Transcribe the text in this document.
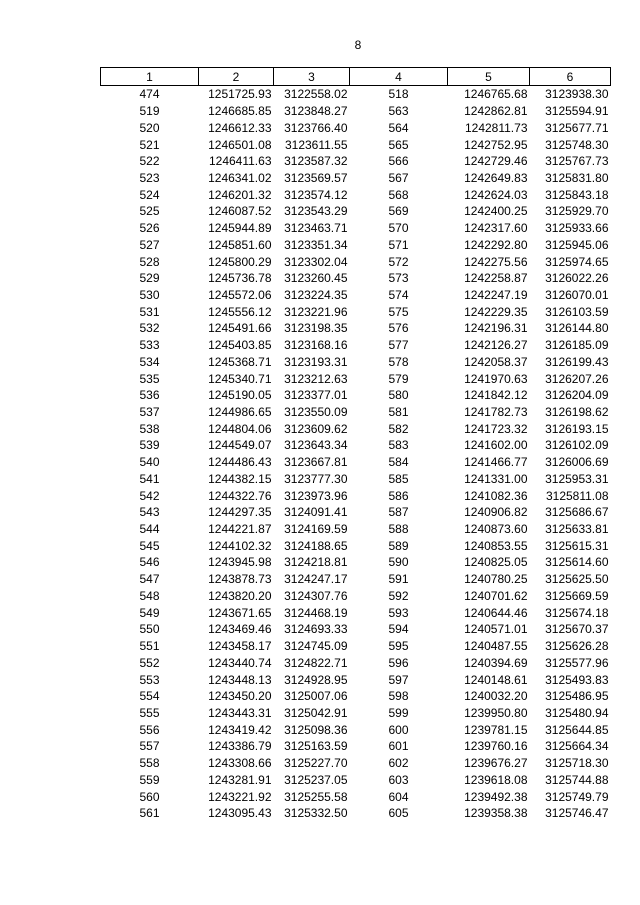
8
1	2	3	4	5	6
474	1251725.93	3122558.02	518	1246765.68	3123938.30
519	1246685.85	3123848.27	563	1242862.81	3125594.91
520	1246612.33	3123766.40	564	1242811.73	3125677.71
521	1246501.08	3123611.55	565	1242752.95	3125748.30
522	1246411.63	3123587.32	566	1242729.46	3125767.73
523	1246341.02	3123569.57	567	1242649.83	3125831.80
524	1246201.32	3123574.12	568	1242624.03	3125843.18
525	1246087.52	3123543.29	569	1242400.25	3125929.70
526	1245944.89	3123463.71	570	1242317.60	3125933.66
527	1245851.60	3123351.34	571	1242292.80	3125945.06
528	1245800.29	3123302.04	572	1242275.56	3125974.65
529	1245736.78	3123260.45	573	1242258.87	3126022.26
530	1245572.06	3123224.35	574	1242247.19	3126070.01
531	1245556.12	3123221.96	575	1242229.35	3126103.59
532	1245491.66	3123198.35	576	1242196.31	3126144.80
533	1245403.85	3123168.16	577	1242126.27	3126185.09
534	1245368.71	3123193.31	578	1242058.37	3126199.43
535	1245340.71	3123212.63	579	1241970.63	3126207.26
536	1245190.05	3123377.01	580	1241842.12	3126204.09
537	1244986.65	3123550.09	581	1241782.73	3126198.62
538	1244804.06	3123609.62	582	1241723.32	3126193.15
539	1244549.07	3123643.34	583	1241602.00	3126102.09
540	1244486.43	3123667.81	584	1241466.77	3126006.69
541	1244382.15	3123777.30	585	1241331.00	3125953.31
542	1244322.76	3123973.96	586	1241082.36	3125811.08
543	1244297.35	3124091.41	587	1240906.82	3125686.67
544	1244221.87	3124169.59	588	1240873.60	3125633.81
545	1244102.32	3124188.65	589	1240853.55	3125615.31
546	1243945.98	3124218.81	590	1240825.05	3125614.60
547	1243878.73	3124247.17	591	1240780.25	3125625.50
548	1243820.20	3124307.76	592	1240701.62	3125669.59
549	1243671.65	3124468.19	593	1240644.46	3125674.18
550	1243469.46	3124693.33	594	1240571.01	3125670.37
551	1243458.17	3124745.09	595	1240487.55	3125626.28
552	1243440.74	3124822.71	596	1240394.69	3125577.96
553	1243448.13	3124928.95	597	1240148.61	3125493.83
554	1243450.20	3125007.06	598	1240032.20	3125486.95
555	1243443.31	3125042.91	599	1239950.80	3125480.94
556	1243419.42	3125098.36	600	1239781.15	3125644.85
557	1243386.79	3125163.59	601	1239760.16	3125664.34
558	1243308.66	3125227.70	602	1239676.27	3125718.30
559	1243281.91	3125237.05	603	1239618.08	3125744.88
560	1243221.92	3125255.58	604	1239492.38	3125749.79
561	1243095.43	3125332.50	605	1239358.38	3125746.47
